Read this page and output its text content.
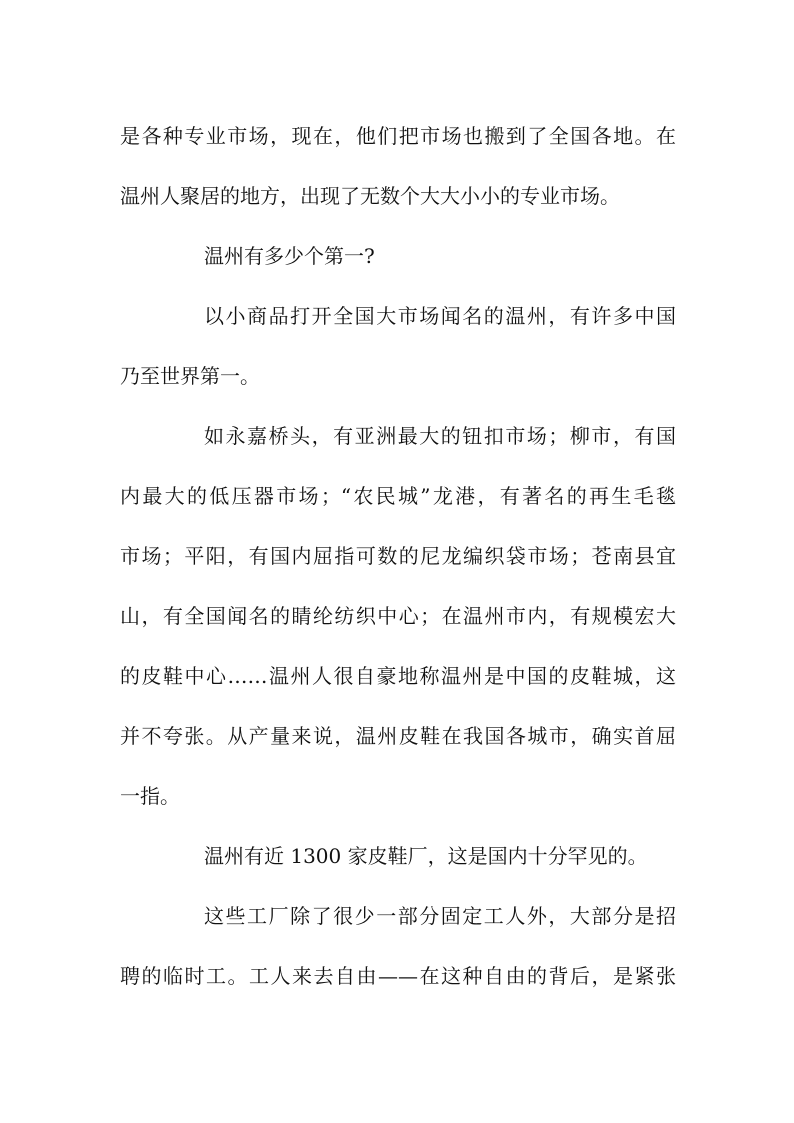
是各种专业市场，现在，他们把市场也搬到了全国各地。在
温州人聚居的地方，出现了无数个大大小小的专业市场。
温州有多少个第一?
以小商品打开全国大市场闻名的温州，有许多中国
乃至世界第一。
如永嘉桥头，有亚洲最大的钮扣市场；柳市，有国
内最大的低压器市场；“农民城”龙港，有著名的再生毛毯
市场；平阳，有国内屈指可数的尼龙编织袋市场；苍南县宜
山，有全国闻名的睛纶纺织中心；在温州市内，有规模宏大
的皮鞋中心……温州人很自豪地称温州是中国的皮鞋城，这
并不夸张。从产量来说，温州皮鞋在我国各城市，确实首屈
一指。
温州有近 1300 家皮鞋厂，这是国内十分罕见的。
这些工厂除了很少一部分固定工人外，大部分是招
聘的临时工。工人来去自由——在这种自由的背后，是紧张
